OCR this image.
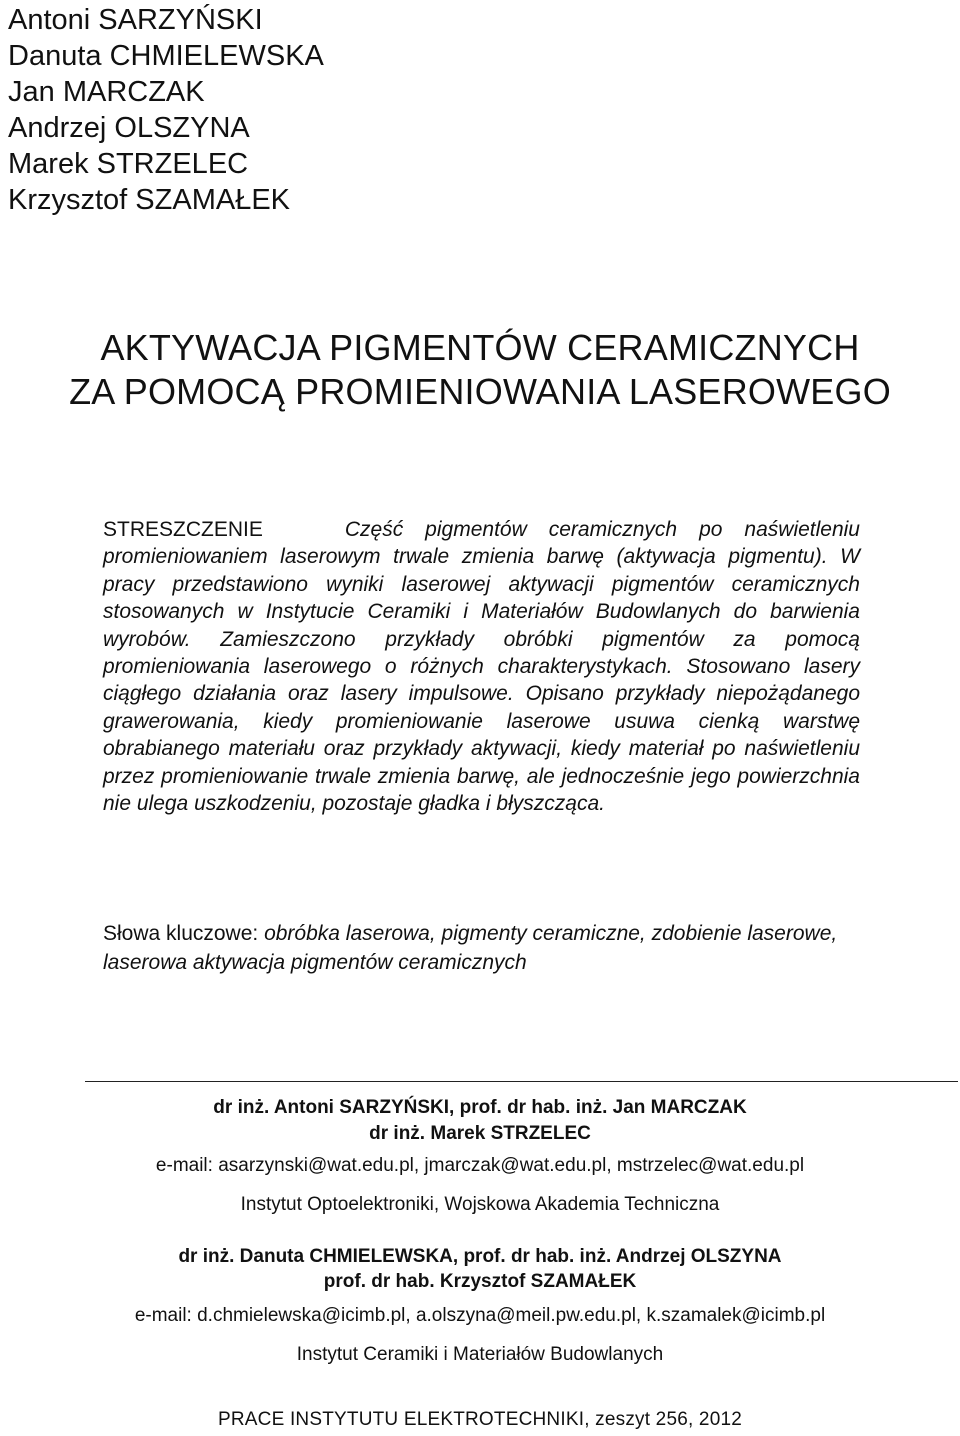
Antoni SARZYŃSKI
Danuta CHMIELEWSKA
Jan MARCZAK
Andrzej OLSZYNA
Marek STRZELEC
Krzysztof SZAMAŁEK
AKTYWACJA PIGMENTÓW CERAMICZNYCH
ZA POMOCĄ PROMIENIOWANIA LASEROWEGO

STRESZCZENIE	Część pigmentów ceramicznych po naświetleniu promieniowaniem laserowym trwale zmienia barwę (aktywacja pigmentu). W pracy przedstawiono wyniki laserowej aktywacji pigmentów ceramicznych stosowanych w Instytucie Ceramiki i Materiałów Budowlanych do barwienia wyrobów. Zamieszczono przykłady obróbki pigmentów za pomocą promieniowania laserowego o różnych charakterystykach. Stosowano lasery ciągłego działania oraz lasery impulsowe. Opisano przykłady niepożądanego grawerowania, kiedy promieniowanie laserowe usuwa cienką warstwę obrabianego materiału oraz przykłady aktywacji, kiedy materiał po naświetleniu przez promieniowanie trwale zmienia barwę, ale jednocześnie jego powierzchnia nie ulega uszkodzeniu, pozostaje gładka i błyszcząca.

Słowa kluczowe: obróbka laserowa, pigmenty ceramiczne, zdobienie laserowe, laserowa aktywacja pigmentów ceramicznych

dr inż. Antoni SARZYŃSKI, prof. dr hab. inż. Jan MARCZAK

dr inż. Marek STRZELEC

e-mail: asarzynski@wat.edu.pl, jmarczak@wat.edu.pl, mstrzelec@wat.edu.pl

Instytut Optoelektroniki, Wojskowa Akademia Techniczna

dr inż. Danuta CHMIELEWSKA, prof. dr hab. inż. Andrzej OLSZYNA

prof. dr hab. Krzysztof SZAMAŁEK

e-mail: d.chmielewska@icimb.pl, a.olszyna@meil.pw.edu.pl, k.szamalek@icimb.pl

Instytut Ceramiki i Materiałów Budowlanych

PRACE INSTYTUTU ELEKTROTECHNIKI, zeszyt 256, 2012
